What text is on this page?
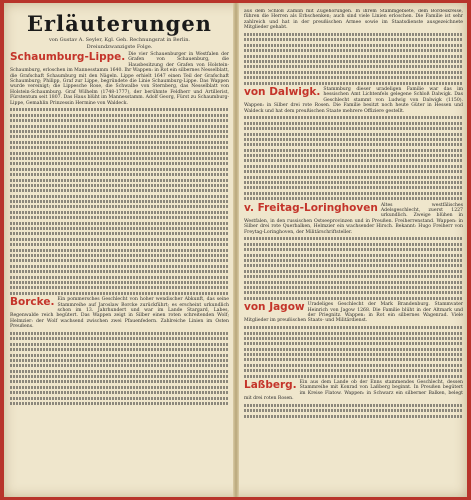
Erläuterungen
von Gustav A. Seyler, Kgl. Geh. Rechnungsrat in Berlin.
Dreiundzwanzigste Folge.
Schaumburg-Lippe. Die vier Schauenburger in Westfalen der Grafen von Schauenburg, die Hausbesitzung der Grafen von Holstein-Schaumburg, erloschen im Mannesstamm 1640. Ihr Wappen: in Rot ein silbernes Nesselblatt, die Grafschaft Schaumburg mit den Nägeln. Lippe erhielt 1647 einen Teil der Grafschaft Schaumburg; Philipp, Graf zur Lippe, begründete die Linie Schaumburg-Lippe. Das Wappen wurde vereinigt; die Lippesche Rose, die Schwalbe von Sternberg, das Nesselblatt von Holstein-Schaumburg. Graf Wilhelm (1748-1777), der berühmte Feldherr und Artillerist, Fürstentum seit 1807. Das Haus blüht im Mannesstamm. Adolf Georg, Fürst zu Schaumburg-Lippe, Gemahlin Prinzessin Hermine von Waldeck.

Borcke. Ein pommersches Geschlecht von hoher wendischer Abkunft, das seine Stammreihe auf Jaroslaw Borcke zurückführt; es erscheint urkundlich schon im 13. Jahrhundert und war im Lande Stargard, Labes, Regenwalde reich begütert. Das Wappen zeigt in Silber einen roten schreitenden Wolf; Helmzier: der Wolf wachsend zwischen zwei Pfauenfedern. Zahlreiche Linien im Osten Preußens.

aus dem Schloß Zamlin mit Zugehörungen. In ihrem Stammgebiete, dem Bordeskreise, führen die Herren als Erbschenken; auch sind viele Linien erloschen. Die Familie ist sehr zahlreich und hat in der preußischen Armee sowie im Staatsdienste ausgezeichnete Mitglieder gehabt.

von Dalwigk. Stammburg dieser uradeligen Familie war das im hessischen Amt Lichtenfels gelegene Schloß Dalwigk. Das Geschlecht stammt von Ludwig von Dalwigk (1150). Wappen: in Silber drei rote Rosen. Die Familie besitzt noch heute Güter in Hessen und Waldeck und hat dem preußischen Staate mehrere Offiziere gestellt.

v. Freitag-Loringhoven Altes westfälisches Adelsgeschlecht, zuerst 1227 urkundlich. Zweige blühen in Westfalen, in den russischen Ostseeprovinzen und in Preußen. Freiherrenstand. Wappen: in Silber drei rote Querbalken, Helmzier ein wachsender Hirsch. Bekannt: Hugo Freiherr von Freytag-Loringhoven, der Militärschriftsteller.

von Jagow Uradeliges Geschlecht der Mark Brandenburg. Stammvater Heinrich von Jagow 1268. Die Familie blüht in der Altmark und der Priegnitz. Wappen: in Rot ein silbernes Wagenrad. Viele Mitglieder im preußischen Staats- und Militärdienst.

Laßberg. Ein aus dem Lande ob der Enns stammendes Geschlecht, dessen Stammreihe mit Konrad von Laßberg beginnt. In Preußen begütert im Kreise Flatow. Wappen: in Schwarz ein silberner Balken, belegt mit drei roten Rosen.
